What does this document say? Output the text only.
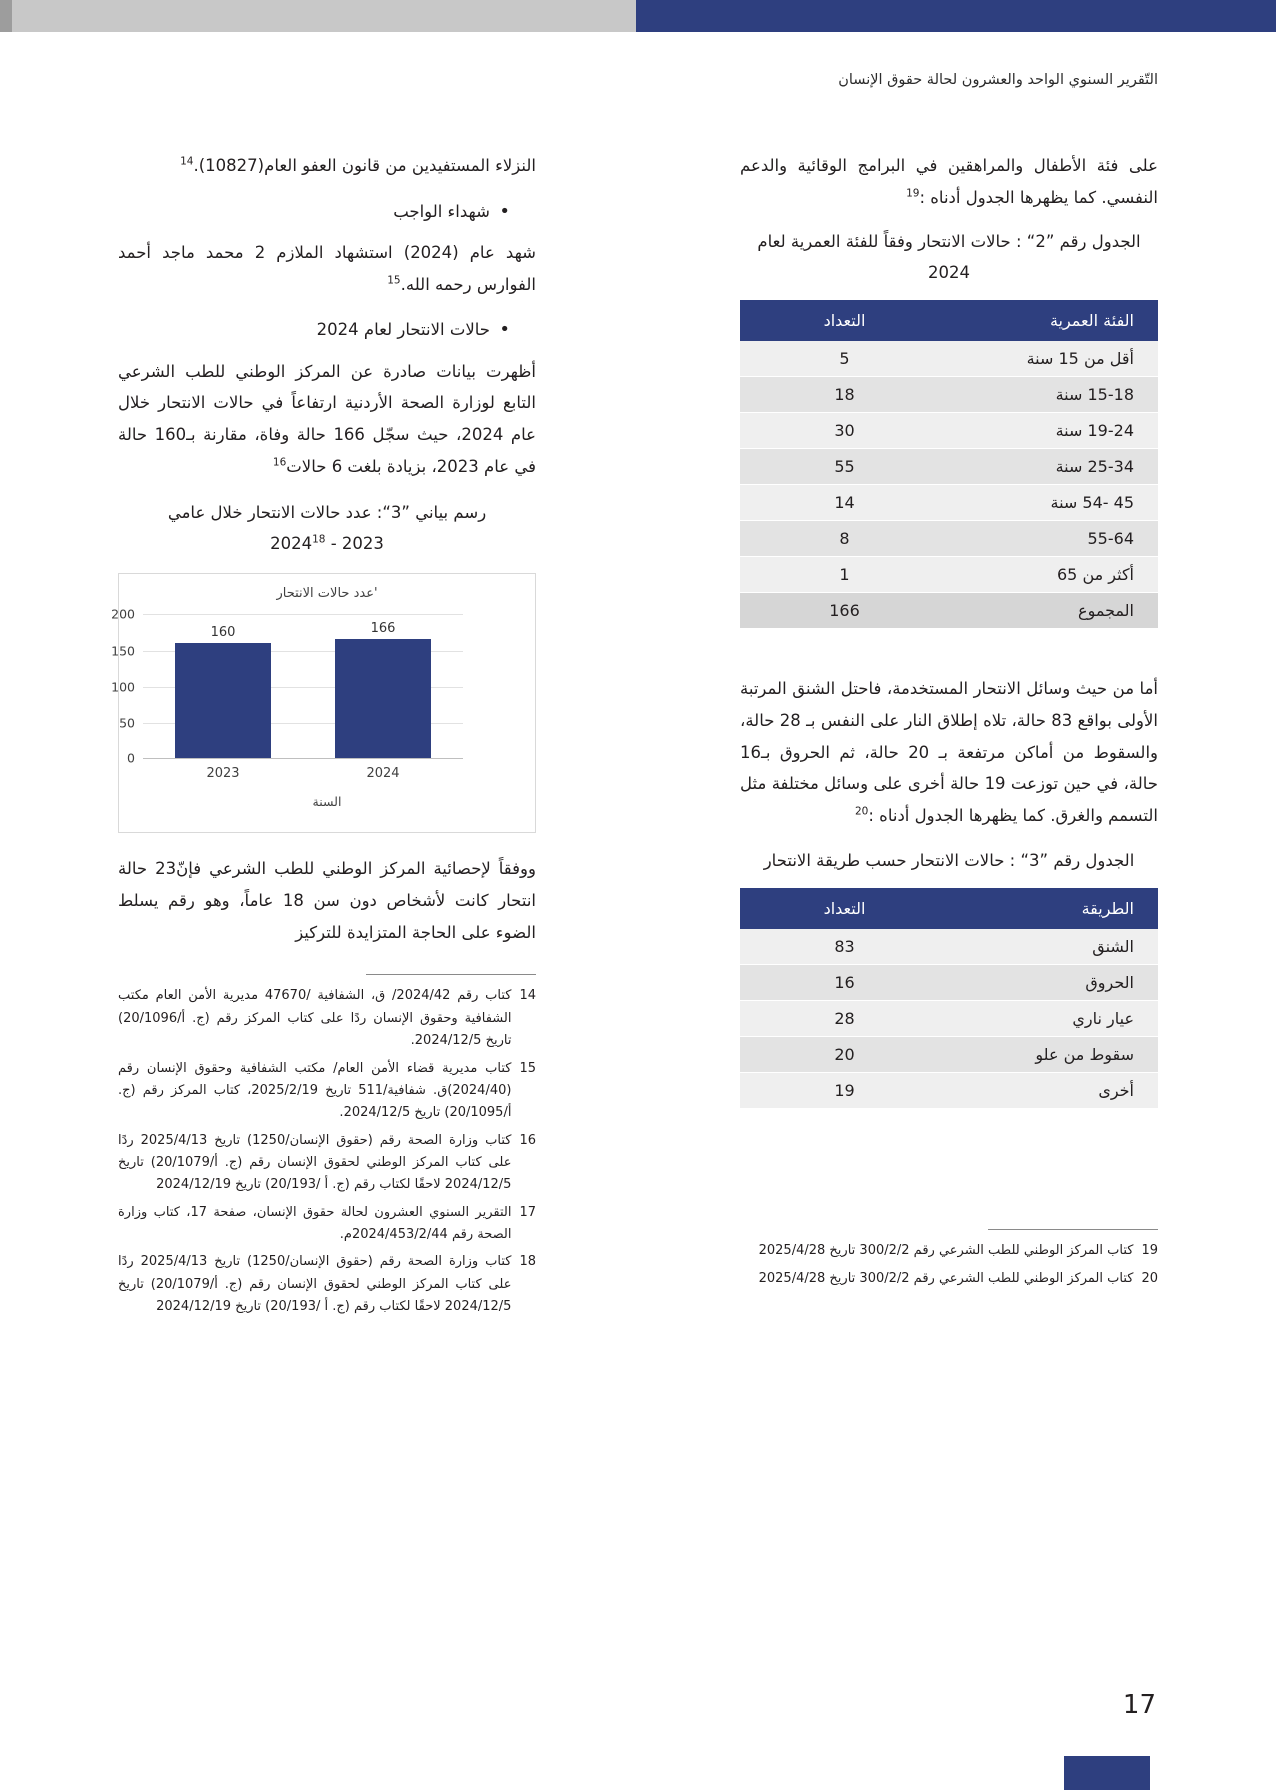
التّقرير السنوي الواحد والعشرون لحالة حقوق الإنسان

على فئة الأطفال والمراهقين في البرامج الوقائية والدعم النفسي. كما يظهرها الجدول أدناه :$^{19}$

الجدول رقم ”2“ : حالات الانتحار وفقاً للفئة العمرية لعام 2024

الفئة العمرية	التعداد
أقل من 15 سنة	5
15-18 سنة	18
19-24 سنة	30
25-34 سنة	55
45 -54 سنة	14
55-64	8
أكثر من 65	1
المجموع	166

أما من حيث وسائل الانتحار المستخدمة، فاحتل الشنق المرتبة الأولى بواقع 83 حالة، تلاه إطلاق النار على النفس بـ 28 حالة، والسقوط من أماكن مرتفعة بـ 20 حالة، ثم الحروق بـ16 حالة، في حين توزعت 19 حالة أخرى على وسائل مختلفة مثل التسمم والغرق. كما يظهرها الجدول أدناه :$^{20}$

الجدول رقم ”3“ : حالات الانتحار حسب طريقة الانتحار

الطريقة	التعداد
الشنق	83
الحروق	16
عيار ناري	28
سقوط من علو	20
أخرى	19
19
كتاب المركز الوطني للطب الشرعي رقم 300/2/2 تاريخ 2025/4/28
20
كتاب المركز الوطني للطب الشرعي رقم 300/2/2 تاريخ 2025/4/28

النزلاء المستفيدين من قانون العفو العام(10827).$^{14}$

• شهداء الواجب

شهد عام (2024) استشهاد الملازم 2 محمد ماجد أحمد الفوارس رحمه الله.$^{15}$

• حالات الانتحار لعام 2024

أظهرت بيانات صادرة عن المركز الوطني للطب الشرعي التابع لوزارة الصحة الأردنية ارتفاعاً في حالات الانتحار خلال عام 2024، حيث سجّل 166 حالة وفاة، مقارنة بـ160 حالة في عام 2023، بزيادة بلغت 6 حالات$^{16}$

رسم بياني ”3“: عدد حالات الانتحار خلال عامي
2023 - 2024$^{18}$

'عدد حالات الانتحار
200
150
100
50
0
160	166
2023	2024
السنة

ووفقاً لإحصائية المركز الوطني للطب الشرعي فإنّ23 حالة انتحار كانت لأشخاص دون سن 18 عاماً، وهو رقم يسلط الضوء على الحاجة المتزايدة للتركيز

14
كتاب رقم 2024/42/ ق، الشفافية /47670 مديرية الأمن العام مكتب الشفافية وحقوق الإنسان ردًا على كتاب المركز رقم (ج. أ/20/1096) تاريخ 2024/12/5.
15
كتاب مديرية قضاء الأمن العام/ مكتب الشفافية وحقوق الإنسان رقم (2024/40)ق. شفافية/511 تاريخ 2025/2/19، كتاب المركز رقم (ج. أ/20/1095) تاريخ 2024/12/5.
16
كتاب وزارة الصحة رقم (حقوق الإنسان/1250) تاريخ 2025/4/13 ردًا على كتاب المركز الوطني لحقوق الإنسان رقم (ج. أ/20/1079) تاريخ 2024/12/5 لاحقًا لكتاب رقم (ج. أ /20/193) تاريخ 2024/12/19
17
التقرير السنوي العشرون لحالة حقوق الإنسان، صفحة 17، كتاب وزارة الصحة رقم 2024/453/2/44م.
18
كتاب وزارة الصحة رقم (حقوق الإنسان/1250) تاريخ 2025/4/13 ردًا على كتاب المركز الوطني لحقوق الإنسان رقم (ج. أ/20/1079) تاريخ 2024/12/5 لاحقًا لكتاب رقم (ج. أ /20/193) تاريخ 2024/12/19
17
